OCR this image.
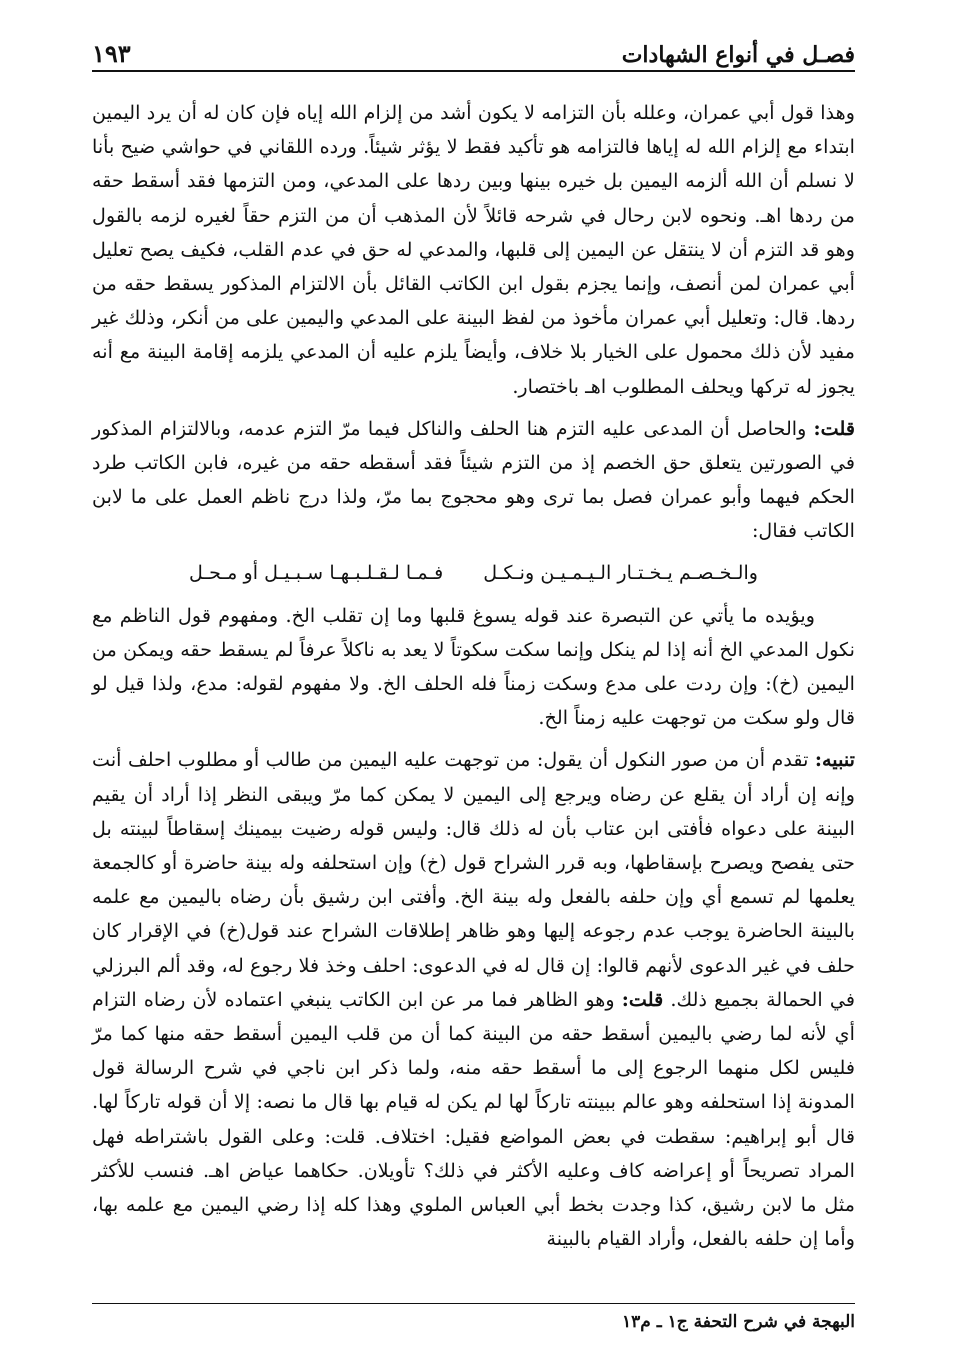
فصـل في أنواع الشهادات
١٩٣

وهذا قول أبي عمران، وعلله بأن التزامه لا يكون أشد من إلزام الله إياه فإن كان له أن يرد اليمين ابتداء مع إلزام الله له إياها فالتزامه هو تأكيد فقط لا يؤثر شيئاً. ورده اللقاني في حواشي ضيح بأنا لا نسلم أن الله ألزمه اليمين بل خيره بينها وبين ردها على المدعي، ومن التزمها فقد أسقط حقه من ردها اهـ. ونحوه لابن رحال في شرحه قائلاً لأن المذهب أن من التزم حقاً لغيره لزمه بالقول وهو قد التزم أن لا ينتقل عن اليمين إلى قلبها، والمدعي له حق في عدم القلب، فكيف يصح تعليل أبي عمران لمن أنصف، وإنما يجزم بقول ابن الكاتب القائل بأن الالتزام المذكور يسقط حقه من ردها. قال: وتعليل أبي عمران مأخوذ من لفظ البينة على المدعي واليمين على من أنكر، وذلك غير مفيد لأن ذلك محمول على الخيار بلا خلاف، وأيضاً يلزم عليه أن المدعي يلزمه إقامة البينة مع أنه يجوز له تركها ويحلف المطلوب اهـ باختصار.

قلت: والحاصل أن المدعى عليه التزم هنا الحلف والناكل فيما مرّ التزم عدمه، وبالالتزام المذكور في الصورتين يتعلق حق الخصم إذ من التزم شيئاً فقد أسقطه حقه من غيره، فابن الكاتب طرد الحكم فيهما وأبو عمران فصل بما ترى وهو محجوج بما مرّ، ولذا درج ناظم العمل على ما لابن الكاتب فقال:

والـخـصـم يـخـتـار الـيـمـيـن ونـكـل
فـمـا لـقـلـبـهـا سـبـيـل أو مـحـل

ويؤيده ما يأتي عن التبصرة عند قوله يسوغ قلبها وما إن تقلب الخ. ومفهوم قول الناظم مع نكول المدعي الخ أنه إذا لم ينكل وإنما سكت سكوتاً لا يعد به ناكلاً عرفاً لم يسقط حقه ويمكن من اليمين (خ): وإن ردت على مدع وسكت زمناً فله الحلف الخ. ولا مفهوم لقوله: مدع، ولذا قيل لو قال ولو سكت من توجهت عليه زمناً الخ.

تنبيه: تقدم أن من صور النكول أن يقول: من توجهت عليه اليمين من طالب أو مطلوب احلف أنت وإنه إن أراد أن يقلع عن رضاه ويرجع إلى اليمين لا يمكن كما مرّ ويبقى النظر إذا أراد أن يقيم البينة على دعواه فأفتى ابن عتاب بأن له ذلك قال: وليس قوله رضيت بيمينك إسقاطاً لبينته بل حتى يفصح ويصرح بإسقاطها، وبه قرر الشراح قول (خ) وإن استحلفه وله بينة حاضرة أو كالجمعة يعلمها لم تسمع أي وإن حلفه بالفعل وله بينة الخ. وأفتى ابن رشيق بأن رضاه باليمين مع علمه بالبينة الحاضرة يوجب عدم رجوعه إليها وهو ظاهر إطلاقات الشراح عند قول(خ) في الإقرار كان حلف في غير الدعوى لأنهم قالوا: إن قال له في الدعوى: احلف وخذ فلا رجوع له، وقد ألم البرزلي في الحمالة بجميع ذلك. قلت: وهو الظاهر فما مر عن ابن الكاتب ينبغي اعتماده لأن رضاه التزام أي لأنه لما رضي باليمين أسقط حقه من البينة كما أن من قلب اليمين أسقط حقه منها كما مرّ فليس لكل منهما الرجوع إلى ما أسقط حقه منه، ولما ذكر ابن ناجي في شرح الرسالة قول المدونة إذا استحلفه وهو عالم ببينته تاركاً لها لم يكن له قيام بها قال ما نصه: إلا أن قوله تاركاً لها. قال أبو إبراهيم: سقطت في بعض المواضع فقيل: اختلاف. قلت: وعلى القول باشتراطه فهل المراد تصريحاً أو إعراضه كاف وعليه الأكثر في ذلك؟ تأويلان. حكاهما عياض اهـ. فنسب للأكثر مثل ما لابن رشيق، كذا وجدت بخط أبي العباس الملوي وهذا كله إذا رضي اليمين مع علمه بها، وأما إن حلفه بالفعل، وأراد القيام بالبينة

البهجة في شرح التحفة ج١ ـ م١٣
